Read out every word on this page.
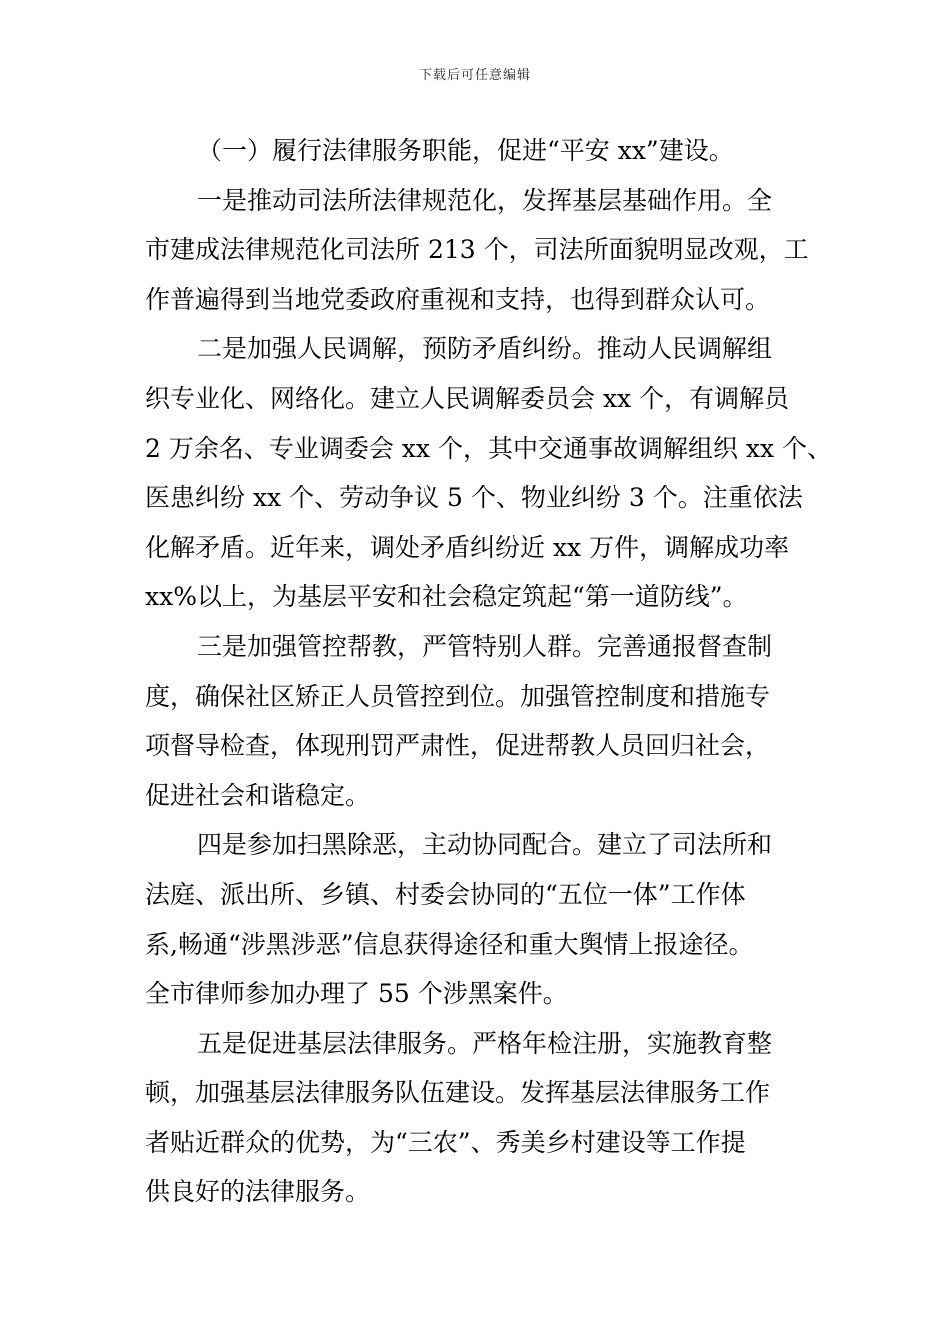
下载后可任意编辑
（一）履行法律服务职能，促进“平安 xx”建设。
一是推动司法所法律规范化，发挥基层基础作用。全
市建成法律规范化司法所 213 个，司法所面貌明显改观，工
作普遍得到当地党委政府重视和支持，也得到群众认可。
二是加强人民调解，预防矛盾纠纷。推动人民调解组
织专业化、网络化。建立人民调解委员会 xx 个，有调解员
2 万余名、专业调委会 xx 个，其中交通事故调解组织 xx 个、
医患纠纷 xx 个、劳动争议 5 个、物业纠纷 3 个。注重依法
化解矛盾。近年来，调处矛盾纠纷近 xx 万件，调解成功率
xx%以上，为基层平安和社会稳定筑起“第一道防线”。
三是加强管控帮教，严管特别人群。完善通报督查制
度，确保社区矫正人员管控到位。加强管控制度和措施专
项督导检查，体现刑罚严肃性，促进帮教人员回归社会，
促进社会和谐稳定。
四是参加扫黑除恶，主动协同配合。建立了司法所和
法庭、派出所、乡镇、村委会协同的“五位一体”工作体
系,畅通“涉黑涉恶”信息获得途径和重大舆情上报途径。
全市律师参加办理了 55 个涉黑案件。
五是促进基层法律服务。严格年检注册，实施教育整
顿，加强基层法律服务队伍建设。发挥基层法律服务工作
者贴近群众的优势，为“三农”、秀美乡村建设等工作提
供良好的法律服务。
